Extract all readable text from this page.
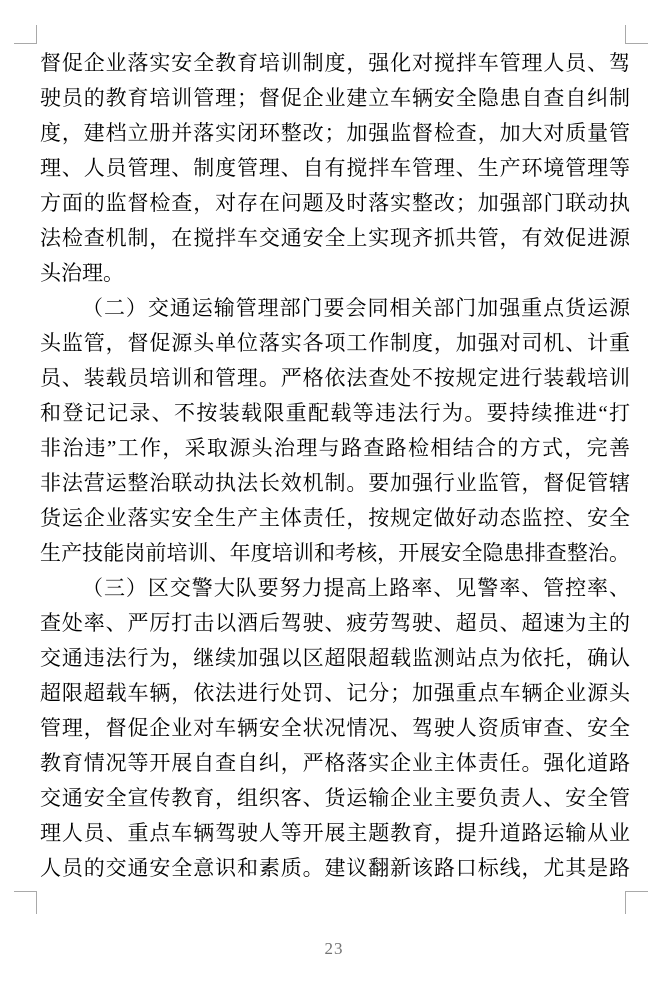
督促企业落实安全教育培训制度，强化对搅拌车管理人员、驾
驶员的教育培训管理；督促企业建立车辆安全隐患自查自纠制
度，建档立册并落实闭环整改；加强监督检查，加大对质量管
理、人员管理、制度管理、自有搅拌车管理、生产环境管理等
方面的监督检查，对存在问题及时落实整改；加强部门联动执
法检查机制，在搅拌车交通安全上实现齐抓共管，有效促进源
头治理。
（二）交通运输管理部门要会同相关部门加强重点货运源
头监管，督促源头单位落实各项工作制度，加强对司机、计重
员、装载员培训和管理。严格依法查处不按规定进行装载培训
和登记记录、不按装载限重配载等违法行为。要持续推进“打
非治违”工作，采取源头治理与路查路检相结合的方式，完善
非法营运整治联动执法长效机制。要加强行业监管，督促管辖
货运企业落实安全生产主体责任，按规定做好动态监控、安全
生产技能岗前培训、年度培训和考核，开展安全隐患排查整治。
（三）区交警大队要努力提高上路率、见警率、管控率、
查处率、严厉打击以酒后驾驶、疲劳驾驶、超员、超速为主的
交通违法行为，继续加强以区超限超载监测站点为依托，确认
超限超载车辆，依法进行处罚、记分；加强重点车辆企业源头
管理，督促企业对车辆安全状况情况、驾驶人资质审查、安全
教育情况等开展自查自纠，严格落实企业主体责任。强化道路
交通安全宣传教育，组织客、货运输企业主要负责人、安全管
理人员、重点车辆驾驶人等开展主题教育，提升道路运输从业
人员的交通安全意识和素质。建议翻新该路口标线，尤其是路
23
